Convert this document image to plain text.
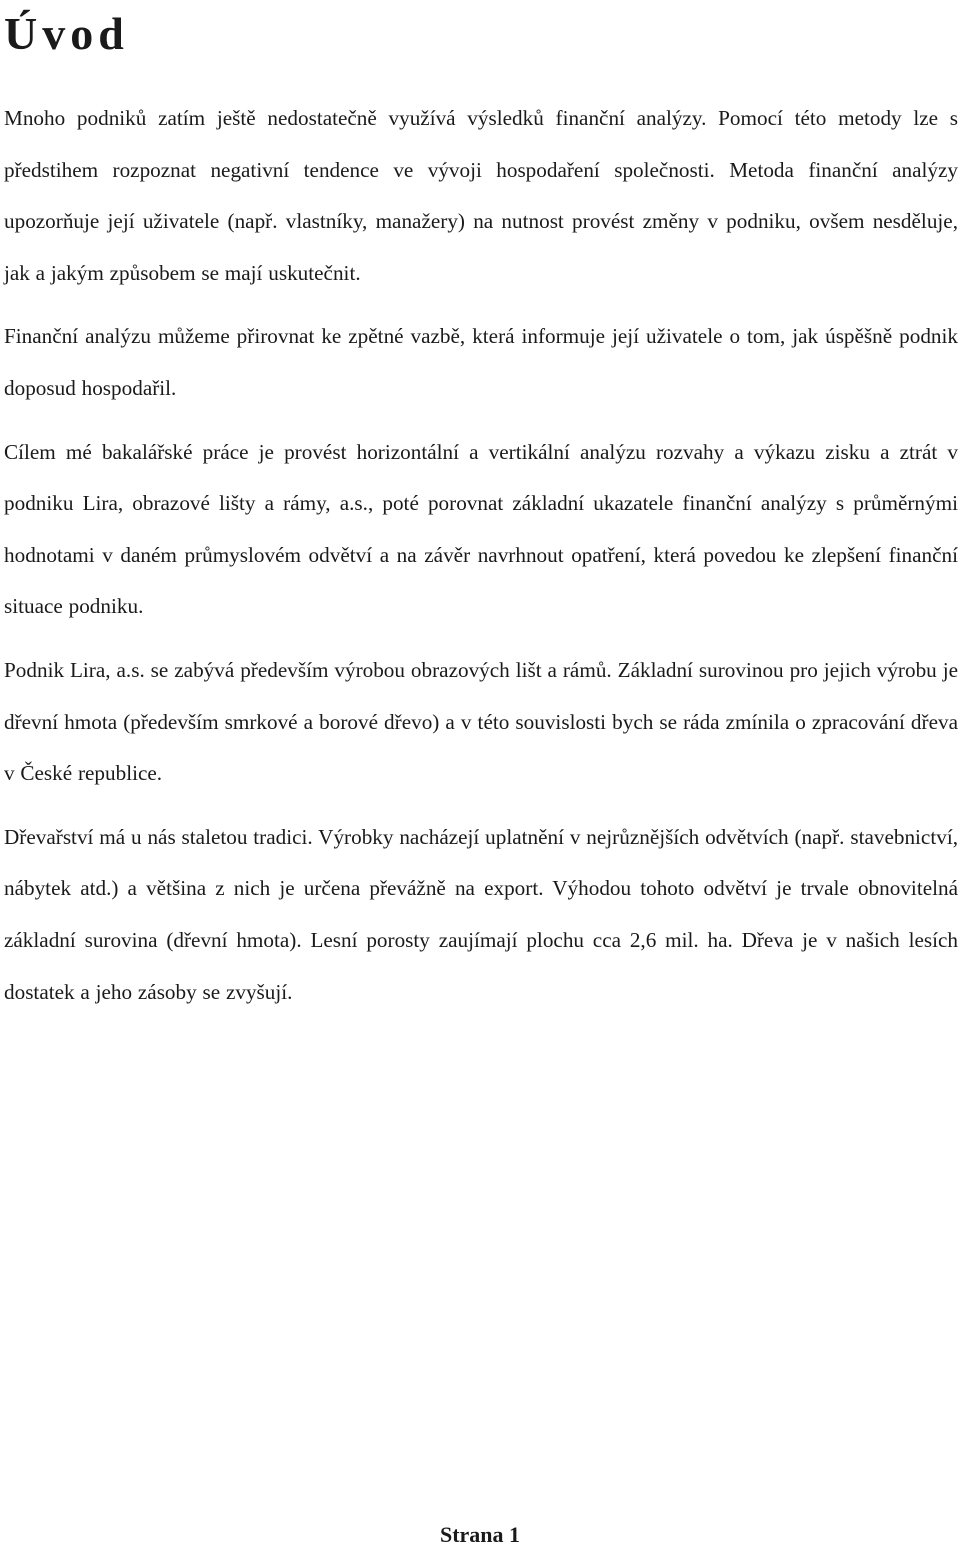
Úvod

Mnoho podniků zatím ještě nedostatečně využívá výsledků finanční analýzy. Pomocí této metody lze s předstihem rozpoznat negativní tendence ve vývoji hospodaření společnosti. Metoda finanční analýzy upozorňuje její uživatele (např. vlastníky, manažery) na nutnost provést změny v podniku, ovšem nesděluje, jak a jakým způsobem se mají uskutečnit.

Finanční analýzu můžeme přirovnat ke zpětné vazbě, která informuje její uživatele o tom, jak úspěšně podnik doposud hospodařil.

Cílem mé bakalářské práce je provést horizontální a vertikální analýzu rozvahy a výkazu zisku a ztrát v podniku Lira, obrazové lišty a rámy, a.s., poté porovnat základní ukazatele finanční analýzy s průměrnými hodnotami v daném průmyslovém odvětví a na závěr navrhnout opatření, která povedou ke zlepšení finanční situace podniku.

Podnik Lira, a.s. se zabývá především výrobou obrazových lišt a rámů. Základní surovinou pro jejich výrobu je dřevní hmota (především smrkové a borové dřevo) a v této souvislosti bych se ráda zmínila o zpracování dřeva v České republice.

Dřevařství má u nás staletou tradici. Výrobky nacházejí uplatnění v nejrůznějších odvětvích (např. stavebnictví, nábytek atd.) a většina z nich je určena převážně na export. Výhodou tohoto odvětví je trvale obnovitelná základní surovina (dřevní hmota). Lesní porosty zaujímají plochu cca 2,6 mil. ha. Dřeva je v našich lesích dostatek a jeho zásoby se zvyšují.

Strana 1
